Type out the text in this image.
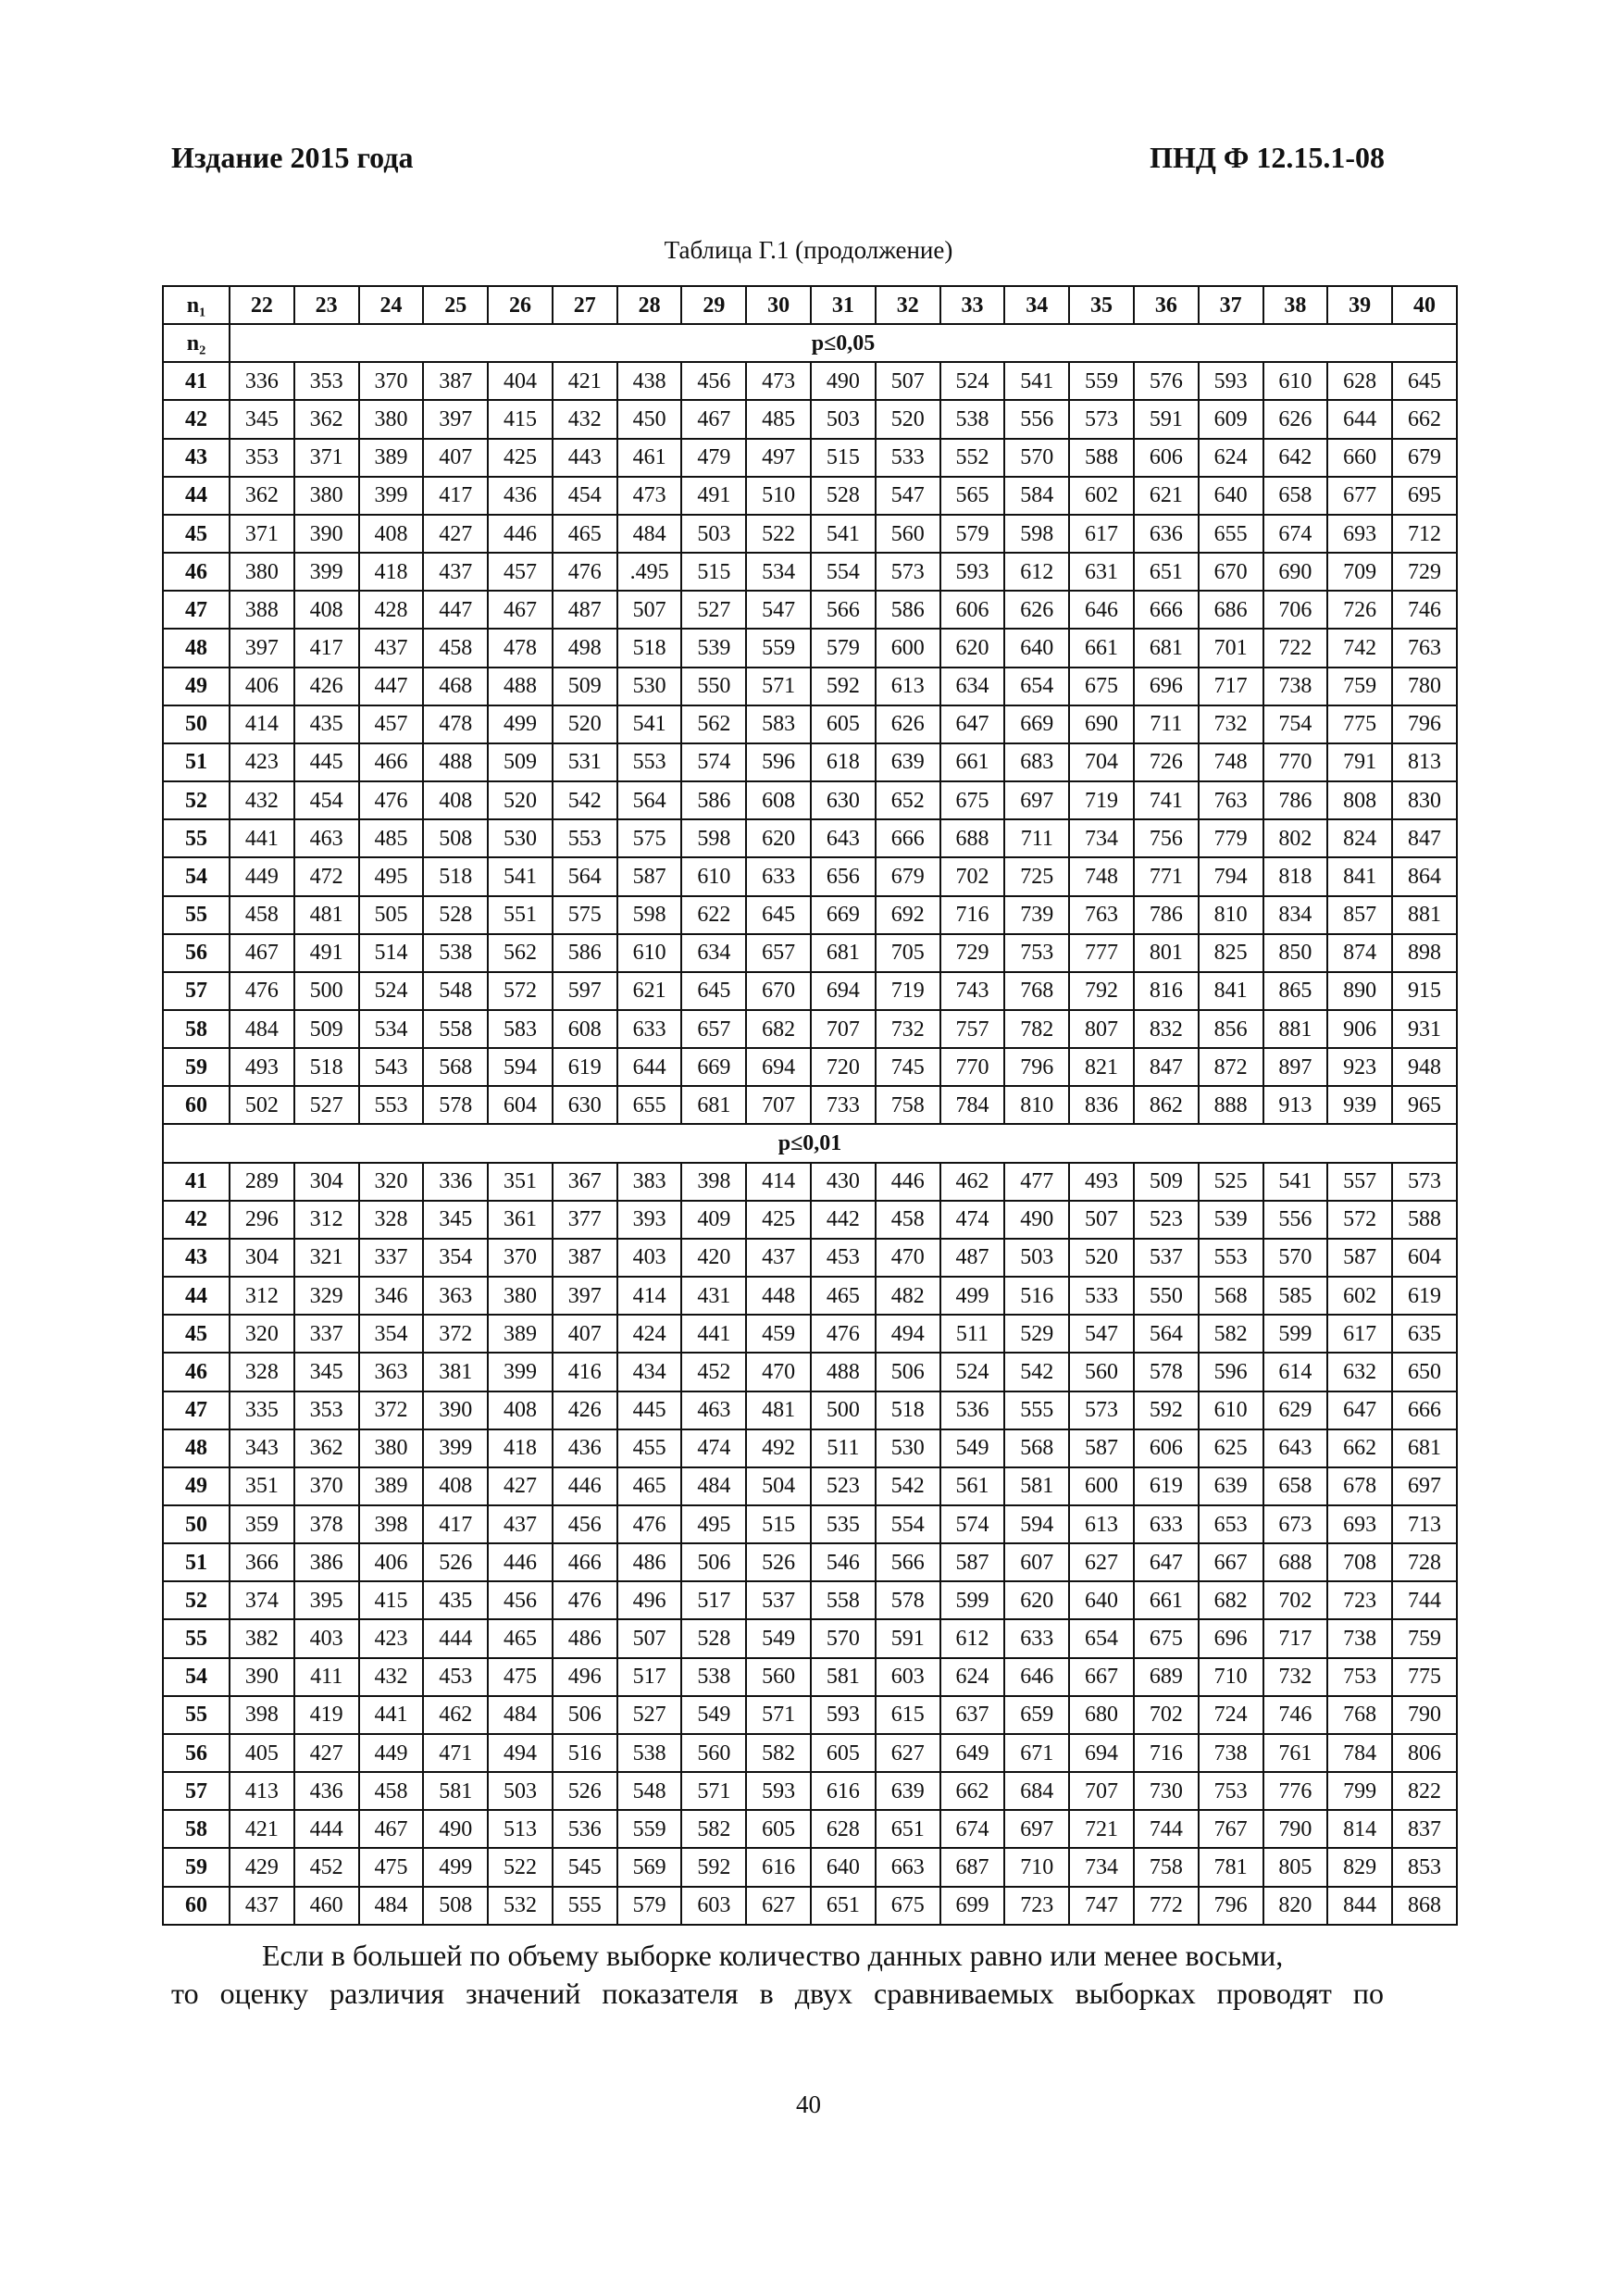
Издание 2015 года	ПНД Ф 12.15.1-08
Таблица Г.1 (продолжение)
n₁	22	23	24	25	26	27	28	29	30	31	32	33	34	35	36	37	38	39	40
n₂	p≤0,05																		
41	336	353	370	387	404	421	438	456	473	490	507	524	541	559	576	593	610	628	645
42	345	362	380	397	415	432	450	467	485	503	520	538	556	573	591	609	626	644	662
43	353	371	389	407	425	443	461	479	497	515	533	552	570	588	606	624	642	660	679
44	362	380	399	417	436	454	473	491	510	528	547	565	584	602	621	640	658	677	695
45	371	390	408	427	446	465	484	503	522	541	560	579	598	617	636	655	674	693	712
46	380	399	418	437	457	476	.495	515	534	554	573	593	612	631	651	670	690	709	729
47	388	408	428	447	467	487	507	527	547	566	586	606	626	646	666	686	706	726	746
48	397	417	437	458	478	498	518	539	559	579	600	620	640	661	681	701	722	742	763
49	406	426	447	468	488	509	530	550	571	592	613	634	654	675	696	717	738	759	780
50	414	435	457	478	499	520	541	562	583	605	626	647	669	690	711	732	754	775	796
51	423	445	466	488	509	531	553	574	596	618	639	661	683	704	726	748	770	791	813
52	432	454	476	408	520	542	564	586	608	630	652	675	697	719	741	763	786	808	830
55	441	463	485	508	530	553	575	598	620	643	666	688	711	734	756	779	802	824	847
54	449	472	495	518	541	564	587	610	633	656	679	702	725	748	771	794	818	841	864
55	458	481	505	528	551	575	598	622	645	669	692	716	739	763	786	810	834	857	881
56	467	491	514	538	562	586	610	634	657	681	705	729	753	777	801	825	850	874	898
57	476	500	524	548	572	597	621	645	670	694	719	743	768	792	816	841	865	890	915
58	484	509	534	558	583	608	633	657	682	707	732	757	782	807	832	856	881	906	931
59	493	518	543	568	594	619	644	669	694	720	745	770	796	821	847	872	897	923	948
60	502	527	553	578	604	630	655	681	707	733	758	784	810	836	862	888	913	939	965
p≤0,01																			
41	289	304	320	336	351	367	383	398	414	430	446	462	477	493	509	525	541	557	573
42	296	312	328	345	361	377	393	409	425	442	458	474	490	507	523	539	556	572	588
43	304	321	337	354	370	387	403	420	437	453	470	487	503	520	537	553	570	587	604
44	312	329	346	363	380	397	414	431	448	465	482	499	516	533	550	568	585	602	619
45	320	337	354	372	389	407	424	441	459	476	494	511	529	547	564	582	599	617	635
46	328	345	363	381	399	416	434	452	470	488	506	524	542	560	578	596	614	632	650
47	335	353	372	390	408	426	445	463	481	500	518	536	555	573	592	610	629	647	666
48	343	362	380	399	418	436	455	474	492	511	530	549	568	587	606	625	643	662	681
49	351	370	389	408	427	446	465	484	504	523	542	561	581	600	619	639	658	678	697
50	359	378	398	417	437	456	476	495	515	535	554	574	594	613	633	653	673	693	713
51	366	386	406	526	446	466	486	506	526	546	566	587	607	627	647	667	688	708	728
52	374	395	415	435	456	476	496	517	537	558	578	599	620	640	661	682	702	723	744
55	382	403	423	444	465	486	507	528	549	570	591	612	633	654	675	696	717	738	759
54	390	411	432	453	475	496	517	538	560	581	603	624	646	667	689	710	732	753	775
55	398	419	441	462	484	506	527	549	571	593	615	637	659	680	702	724	746	768	790
56	405	427	449	471	494	516	538	560	582	605	627	649	671	694	716	738	761	784	806
57	413	436	458	581	503	526	548	571	593	616	639	662	684	707	730	753	776	799	822
58	421	444	467	490	513	536	559	582	605	628	651	674	697	721	744	767	790	814	837
59	429	452	475	499	522	545	569	592	616	640	663	687	710	734	758	781	805	829	853
60	437	460	484	508	532	555	579	603	627	651	675	699	723	747	772	796	820	844	868
Если в большей по объему выборке количество данных равно или менее восьми,
то оценку различия значений показателя в двух сравниваемых выборках проводят по
40
